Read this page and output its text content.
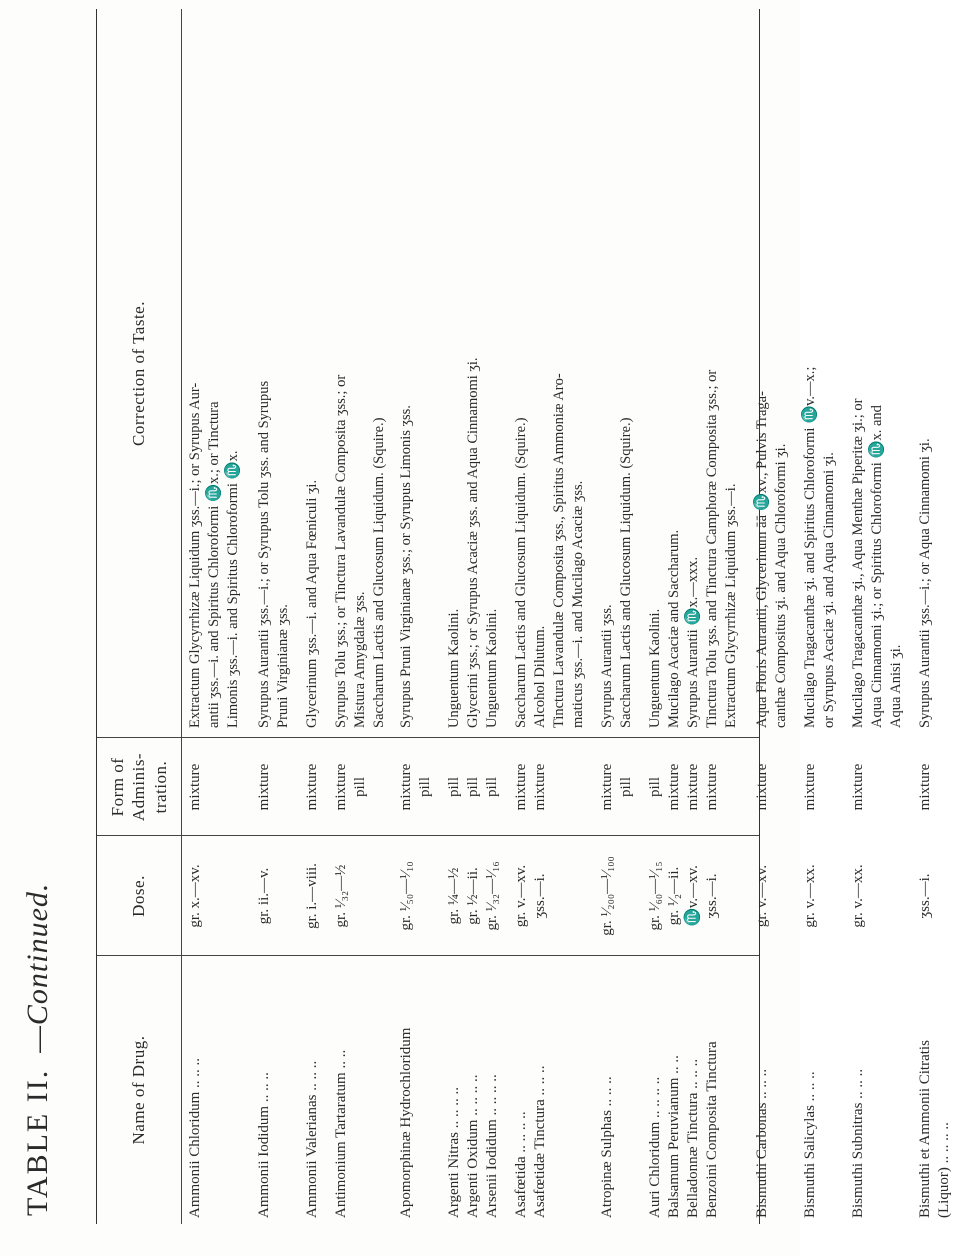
TABLE II.
—Continued.
Name of Drug.
Dose.
Form of Adminis-tration.
Correction of Taste.
Ammonii Chloridum .. .. ..
gr. x.—xv.
mixture
Extractum Glycyrrhizæ Liquidum ʒss.—i.; or Syrupus Aur- antii ʒss.—i. and Spiritus Chloroformi ♏x.; or Tinctura Limonis ʒss.—i. and Spiritus Chloroformi ♏x.
Ammonii Iodidum .. .. ..
gr. ii.—v.
mixture
Syrupus Aurantii ʒss.—i.; or Syrupus Tolu ʒss. and Syrupus Pruni Virginianæ ʒss.
Ammonii Valerianas .. .. ..
gr. i.—viii.
mixture
Glycerinum ʒss.—i. and Aqua Fœniculi ʒi.
Antimonium Tartaratum .. ..
gr. ¹⁄₃₂—½
mixture pill
Syrupus Tolu ʒss.; or Tinctura Lavandulæ Composita ʒss.; or Mistura Amygdalæ ʒss. Saccharum Lactis and Glucosum Liquidum. (Squire.)
Apomorphinæ Hydrochloridum
gr. ¹⁄₅₀—¹⁄₁₀
mixture pill
Syrupus Pruni Virginianæ ʒss.; or Syrupus Limonis ʒss.
Argenti Nitras .. .. .. .. Argenti Oxidum .. .. .. .. Arsenii Iodidum .. .. .. ..
gr. ¼—½ gr. ½—ii. gr. ¹⁄₃₂—¹⁄₁₆
pill pill pill
Unguentum Kaolini. Glycerini ʒss.; or Syrupus Acaciæ ʒss. and Aqua Cinnamomi ʒi. Unguentum Kaolini.
Asafœtida .. .. .. .. Asafœtidæ Tinctura .. .. ..
gr. v.—xv. ʒss.—i.
mixture mixture
Saccharum Lactis and Glucosum Liquidum. (Squire.) Alcohol Dilutum. Tinctura Lavandulæ Composita ʒss., Spiritus Ammoniæ Aro- maticus ʒss.—i. and Mucilago Acaciæ ʒss.
Atropinæ Sulphas .. .. ..
gr. ¹⁄₂₀₀—¹⁄₁₀₀
mixture pill
Syrupus Aurantii ʒss. Saccharum Lactis and Glucosum Liquidum. (Squire.)
Auri Chloridum .. .. .. .. Balsamum Peruvianum .. .. Belladonnæ Tinctura .. .. .. Benzoini Composita Tinctura
gr. ¹⁄₆₀—¹⁄₁₅ gr. ¹⁄₂—ii. ♏v.—xv. ʒss.—i.
pill mixture mixture mixture
Unguentum Kaolini. Mucilago Acaciæ and Saccharum. Syrupus Aurantii ♏x.—xxx. Tinctura Tolu ʒss. and Tinctura Camphoræ Composita ʒss.; or Extractum Glycyrrhizæ Liquidum ʒss.—i.
Bismuthi Carbonas .. .. ..
gr. v.—xv.
mixture
Aqua Floris Aurantii, Glycerinum āā ♏xv., Pulvis Traga- canthæ Compositus ʒi. and Aqua Chloroformi ʒi.
Bismuthi Salicylas .. .. ..
gr. v.—xx.
mixture
Mucilago Tragacanthæ ʒi. and Spiritus Chloroformi ♏v.—x.; or Syrupus Acaciæ ʒi. and Aqua Cinnamomi ʒi.
Bismuthi Subnitras .. .. ..
gr. v.—xx.
mixture
Mucilago Tragacanthæ ʒi., Aqua Menthæ Piperitæ ʒi.; or Aqua Cinnamomi ʒi.; or Spiritus Chloroformi ♏x. and Aqua Anisi ʒi.
Bismuthi et Ammonii Citratis (Liquor) .. .. .. ..
ʒss.—i.
mixture
Syrupus Aurantii ʒss.—i.; or Aqua Cinnamomi ʒi.
